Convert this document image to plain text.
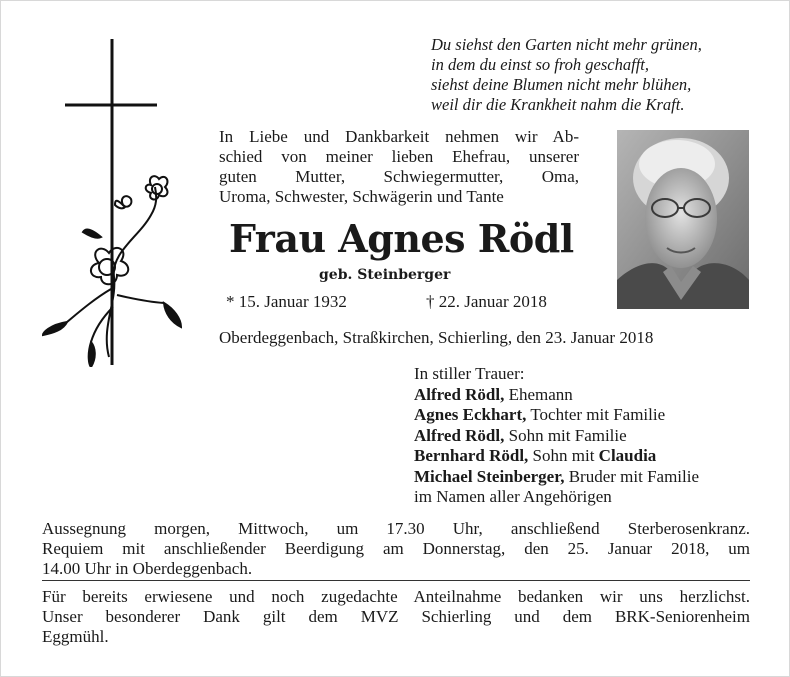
Du siehst den Garten nicht mehr grünen,
in dem du einst so froh geschafft,
siehst deine Blumen nicht mehr blühen,
weil dir die Krankheit nahm die Kraft.
In Liebe und Dankbarkeit nehmen wir Ab-
schied von meiner lieben Ehefrau, unserer
guten Mutter, Schwiegermutter, Oma,
Uroma, Schwester, Schwägerin und Tante
Frau Agnes Rödl
geb. Steinberger
* 15. Januar 1932	† 22. Januar 2018
Oberdeggenbach, Straßkirchen, Schierling, den 23. Januar 2018
In stiller Trauer:
Alfred Rödl, Ehemann
Agnes Eckhart, Tochter mit Familie
Alfred Rödl, Sohn mit Familie
Bernhard Rödl, Sohn mit Claudia
Michael Steinberger, Bruder mit Familie
im Namen aller Angehörigen
Aussegnung morgen, Mittwoch, um 17.30 Uhr, anschließend Sterberosenkranz.
Requiem mit anschließender Beerdigung am Donnerstag, den 25. Januar 2018, um
14.00 Uhr in Oberdeggenbach.
Für bereits erwiesene und noch zugedachte Anteilnahme bedanken wir uns herzlichst.
Unser besonderer Dank gilt dem MVZ Schierling und dem BRK-Seniorenheim
Eggmühl.
